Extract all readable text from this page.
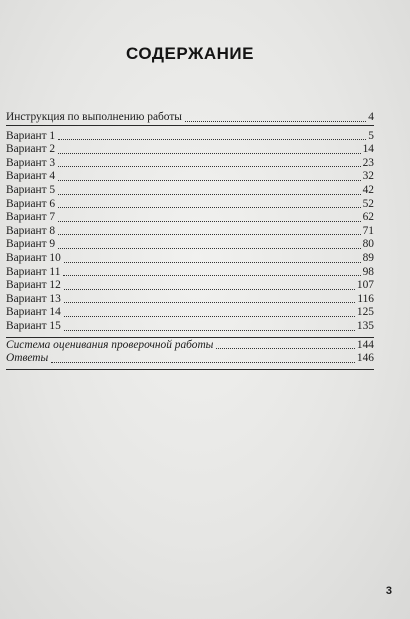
СОДЕРЖАНИЕ
Инструкция по выполнению работы	4
Вариант 1	5
Вариант 2	14
Вариант 3	23
Вариант 4	32
Вариант 5	42
Вариант 6	52
Вариант 7	62
Вариант 8	71
Вариант 9	80
Вариант 10	89
Вариант 11	98
Вариант 12	107
Вариант 13	116
Вариант 14	125
Вариант 15	135
Система оценивания проверочной работы	144
Ответы	146
3
